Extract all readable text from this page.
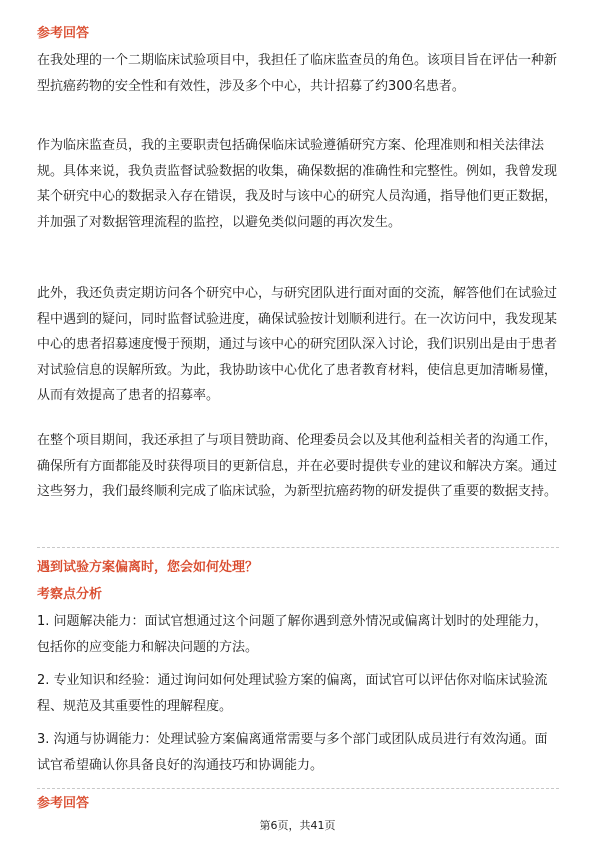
参考回答
在我处理的一个二期临床试验项目中，我担任了临床监查员的角色。该项目旨在评估一种新型抗癌药物的安全性和有效性，涉及多个中心，共计招募了约300名患者。
作为临床监查员，我的主要职责包括确保临床试验遵循研究方案、伦理准则和相关法律法规。具体来说，我负责监督试验数据的收集，确保数据的准确性和完整性。例如，我曾发现某个研究中心的数据录入存在错误，我及时与该中心的研究人员沟通，指导他们更正数据，并加强了对数据管理流程的监控，以避免类似问题的再次发生。
此外，我还负责定期访问各个研究中心，与研究团队进行面对面的交流，解答他们在试验过程中遇到的疑问，同时监督试验进度，确保试验按计划顺利进行。在一次访问中，我发现某中心的患者招募速度慢于预期，通过与该中心的研究团队深入讨论，我们识别出是由于患者对试验信息的误解所致。为此，我协助该中心优化了患者教育材料，使信息更加清晰易懂，从而有效提高了患者的招募率。
在整个项目期间，我还承担了与项目赞助商、伦理委员会以及其他利益相关者的沟通工作，确保所有方面都能及时获得项目的更新信息，并在必要时提供专业的建议和解决方案。通过这些努力，我们最终顺利完成了临床试验，为新型抗癌药物的研发提供了重要的数据支持。
遇到试验方案偏离时，您会如何处理？
考察点分析
1. 问题解决能力：面试官想通过这个问题了解你遇到意外情况或偏离计划时的处理能力，包括你的应变能力和解决问题的方法。
2. 专业知识和经验：通过询问如何处理试验方案的偏离，面试官可以评估你对临床试验流程、规范及其重要性的理解程度。
3. 沟通与协调能力：处理试验方案偏离通常需要与多个部门或团队成员进行有效沟通。面试官希望确认你具备良好的沟通技巧和协调能力。
参考回答
第6页，共41页
